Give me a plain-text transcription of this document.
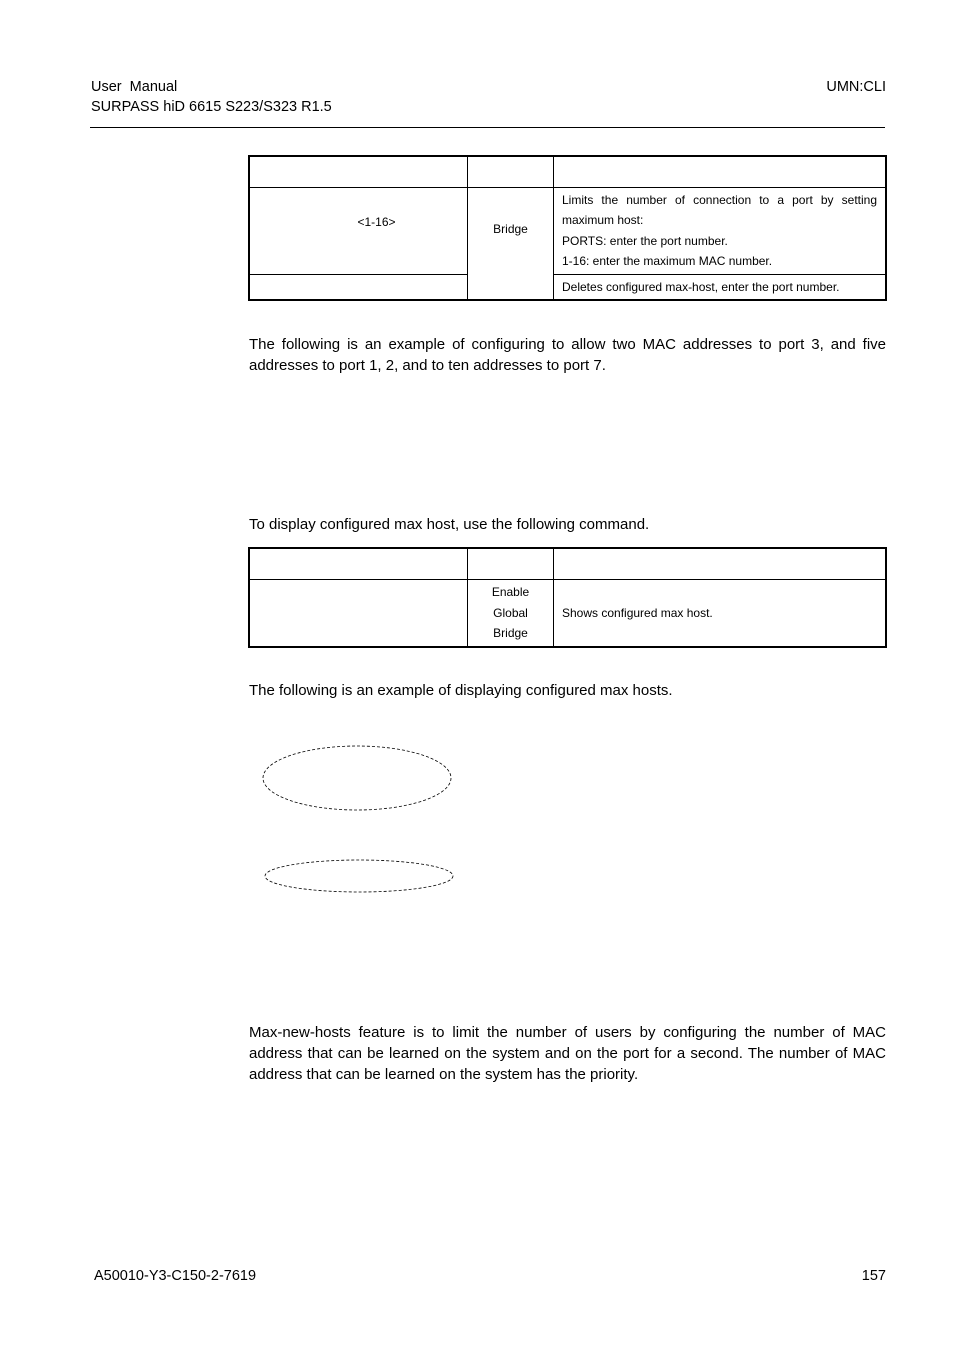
User  Manual
SURPASS hiD 6615 S223/S323 R1.5
UMN:CLI

<1-16>	Bridge	Limits the number of connection to a port by setting
maximum host:
PORTS: enter the port number.
1-16: enter the maximum MAC number.

		Deletes configured max-host, enter the port number.
The following is an example of configuring to allow two MAC addresses to port 3, and five addresses to port 1, 2, and to ten addresses to port 7.
To display configured max host, use the following command.

	Enable
Global
Bridge	Shows configured max host.
The following is an example of displaying configured max hosts.
Max-new-hosts feature is to limit the number of users by configuring the number of MAC address that can be learned on the system and on the port for a second. The number of MAC address that can be learned on the system has the priority.
A50010-Y3-C150-2-7619	157
